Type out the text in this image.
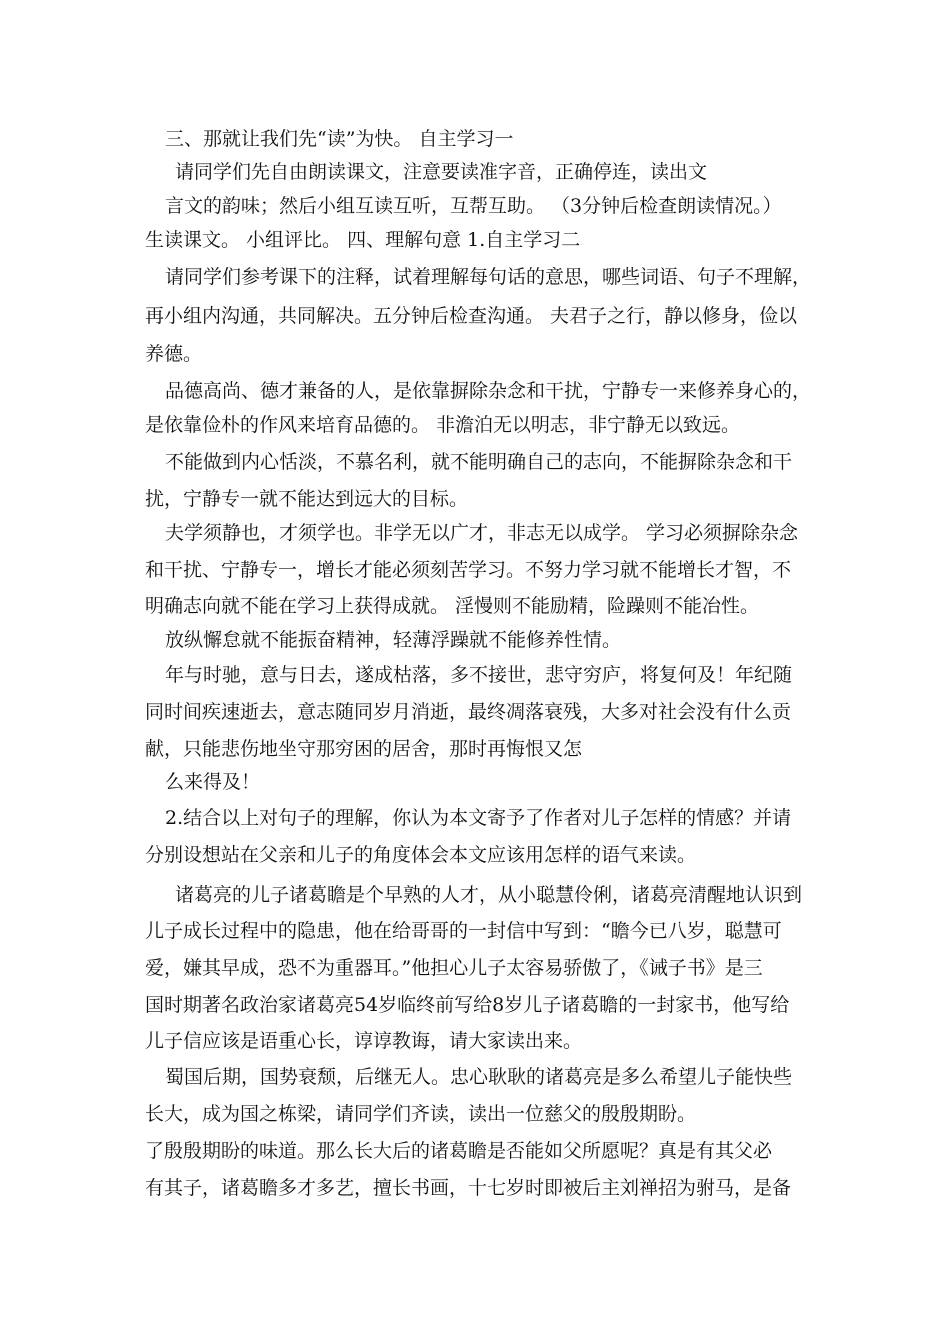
三、那就让我们先“读”为快。 自主学习一
请同学们先自由朗读课文，注意要读准字音，正确停连，读出文
言文的韵味；然后小组互读互听，互帮互助。 （3分钟后检查朗读情况。）
生读课文。 小组评比。 四、理解句意 1.自主学习二
请同学们参考课下的注释，试着理解每句话的意思，哪些词语、句子不理解，
再小组内沟通，共同解决。五分钟后检查沟通。 夫君子之行，静以修身，俭以
养德。
品德高尚、德才兼备的人，是依靠摒除杂念和干扰，宁静专一来修养身心的，
是依靠俭朴的作风来培育品德的。 非澹泊无以明志，非宁静无以致远。
不能做到内心恬淡，不慕名利，就不能明确自己的志向，不能摒除杂念和干
扰，宁静专一就不能达到远大的目标。
夫学须静也，才须学也。非学无以广才，非志无以成学。 学习必须摒除杂念
和干扰、宁静专一，增长才能必须刻苦学习。不努力学习就不能增长才智，不
明确志向就不能在学习上获得成就。 淫慢则不能励精，险躁则不能冶性。
放纵懈怠就不能振奋精神，轻薄浮躁就不能修养性情。
年与时驰，意与日去，遂成枯落，多不接世，悲守穷庐，将复何及！年纪随
同时间疾速逝去，意志随同岁月消逝，最终凋落衰残，大多对社会没有什么贡
献，只能悲伤地坐守那穷困的居舍，那时再悔恨又怎
么来得及！
2.结合以上对句子的理解，你认为本文寄予了作者对儿子怎样的情感？并请
分别设想站在父亲和儿子的角度体会本文应该用怎样的语气来读。
诸葛亮的儿子诸葛瞻是个早熟的人才，从小聪慧伶俐，诸葛亮清醒地认识到
儿子成长过程中的隐患，他在给哥哥的一封信中写到：“瞻今已八岁，聪慧可
爱，嫌其早成，恐不为重器耳。”他担心儿子太容易骄傲了，《诫子书》是三
国时期著名政治家诸葛亮54岁临终前写给8岁儿子诸葛瞻的一封家书，他写给
儿子信应该是语重心长，谆谆教诲，请大家读出来。
蜀国后期，国势衰颓，后继无人。忠心耿耿的诸葛亮是多么希望儿子能快些
长大，成为国之栋梁，请同学们齐读，读出一位慈父的殷殷期盼。
了殷殷期盼的味道。那么长大后的诸葛瞻是否能如父所愿呢？真是有其父必
有其子，诸葛瞻多才多艺，擅长书画，十七岁时即被后主刘禅招为驸马，是备
